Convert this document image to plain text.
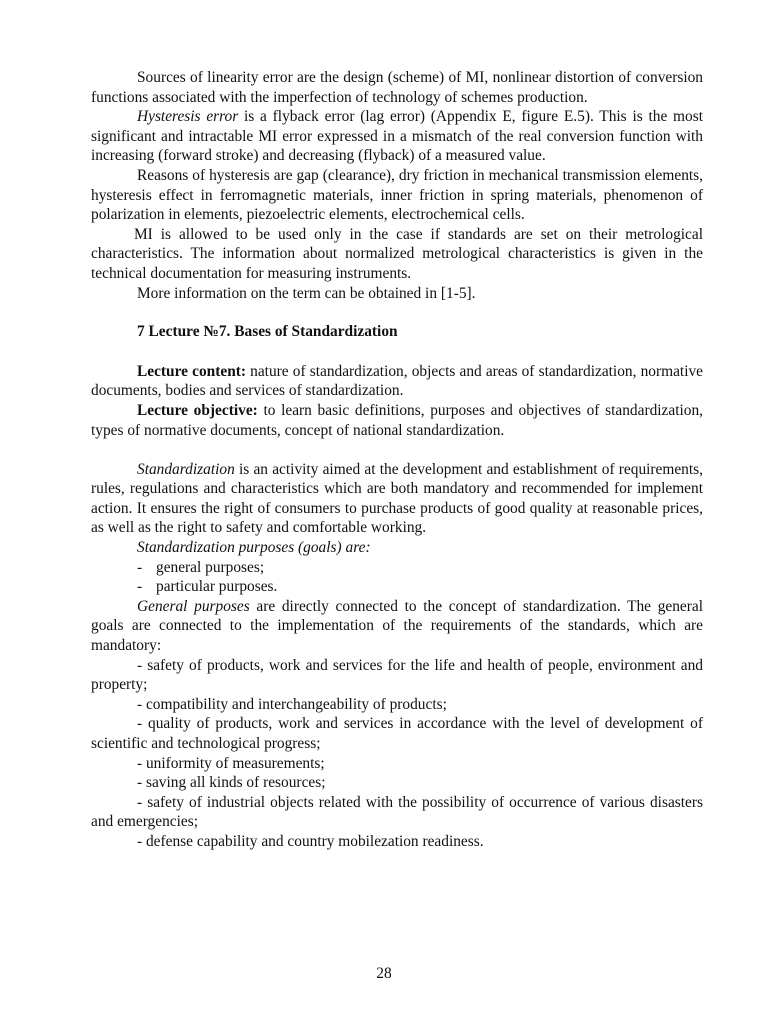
Sources of linearity error are the design (scheme) of MI, nonlinear distortion of conversion functions associated with the imperfection of technology of schemes production.

Hysteresis error is a flyback error (lag error) (Appendix E, figure E.5). This is the most significant and intractable MI error expressed in a mismatch of the real conversion function with increasing (forward stroke) and decreasing (flyback) of a measured value.

Reasons of hysteresis are gap (clearance), dry friction in mechanical transmission elements, hysteresis effect in ferromagnetic materials, inner friction in spring materials, phenomenon of polarization in elements, piezoelectric elements, electrochemical cells.

MI is allowed to be used only in the case if standards are set on their metrological characteristics. The information about normalized metrological characteristics is given in the technical documentation for measuring instruments.

More information on the term can be obtained in [1-5].

7 Lecture №7. Bases of Standardization

Lecture content: nature of standardization, objects and areas of standardization, normative documents, bodies and services of standardization.

Lecture objective: to learn basic definitions, purposes and objectives of standardization, types of normative documents, concept of national standardization.

Standardization is an activity aimed at the development and establishment of requirements, rules, regulations and characteristics which are both mandatory and recommended for implement action. It ensures the right of consumers to purchase products of good quality at reasonable prices, as well as the right to safety and comfortable working.

Standardization purposes (goals) are:

- general purposes;

- particular purposes.

General purposes are directly connected to the concept of standardization. The general goals are connected to the implementation of the requirements of the standards, which are mandatory:

- safety of products, work and services for the life and health of people, environment and property;

- compatibility and interchangeability of products;

- quality of products, work and services in accordance with the level of development of scientific and technological progress;

- uniformity of measurements;

- saving all kinds of resources;

- safety of industrial objects related with the possibility of occurrence of various disasters and emergencies;

- defense capability and country mobilezation readiness.

28
